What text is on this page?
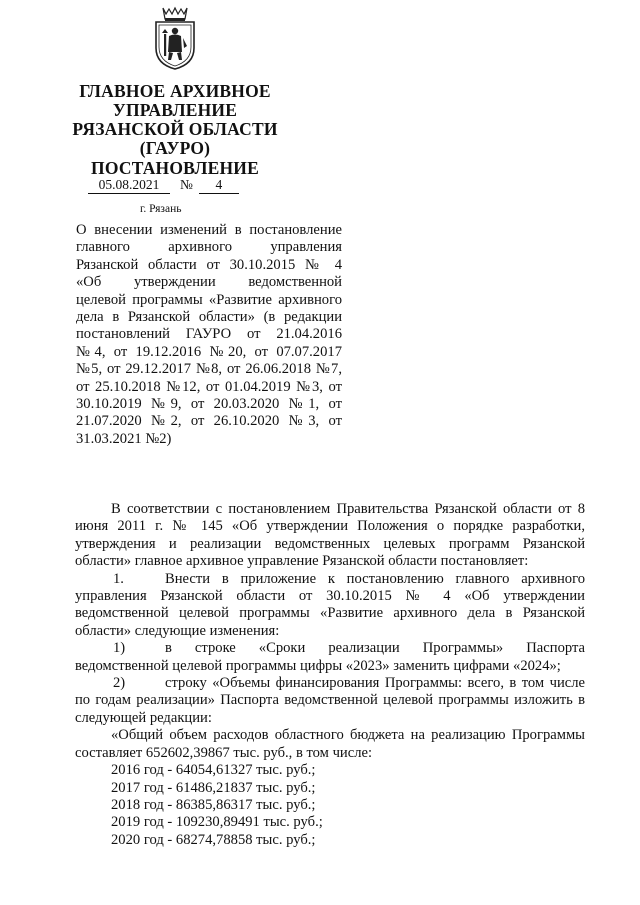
ГЛАВНОЕ АРХИВНОЕ
УПРАВЛЕНИЕ
РЯЗАНСКОЙ ОБЛАСТИ
(ГАУРО)
ПОСТАНОВЛЕНИЕ
05.08.2021 № 4
г. Рязань
О внесении изменений в постановление
главного архивного управления
Рязанской области от 30.10.2015 № 4
«Об утверждении ведомственной
целевой программы «Развитие архивного
дела в Рязанской области» (в редакции
постановлений ГАУРО от 21.04.2016
№4, от 19.12.2016 №20, от 07.07.2017
№5, от 29.12.2017 №8, от 26.06.2018 №7,
от 25.10.2018 №12, от 01.04.2019 №3, от
30.10.2019 №9, от 20.03.2020 №1, от
21.07.2020 №2, от 26.10.2020 №3, от
31.03.2021 №2)

В соответствии с постановлением Правительства Рязанской области от 8 июня 2011 г. № 145 «Об утверждении Положения о порядке разработки, утверждения и реализации ведомственных целевых программ Рязанской области» главное архивное управление Рязанской области постановляет:

1.	Внести в приложение к постановлению главного архивного управления Рязанской области от 30.10.2015 № 4 «Об утверждении ведомственной целевой программы «Развитие архивного дела в Рязанской области» следующие изменения:

1)	в строке «Сроки реализации Программы» Паспорта ведомственной целевой программы цифры «2023» заменить цифрами «2024»;

2)	строку «Объемы финансирования Программы: всего, в том числе по годам реализации» Паспорта ведомственной целевой программы изложить в следующей редакции:

«Общий объем расходов областного бюджета на реализацию Программы составляет 652602,39867 тыс. руб., в том числе:

2016 год - 64054,61327 тыс. руб.;

2017 год - 61486,21837 тыс. руб.;

2018 год - 86385,86317 тыс. руб.;

2019 год - 109230,89491 тыс. руб.;

2020 год - 68274,78858 тыс. руб.;
